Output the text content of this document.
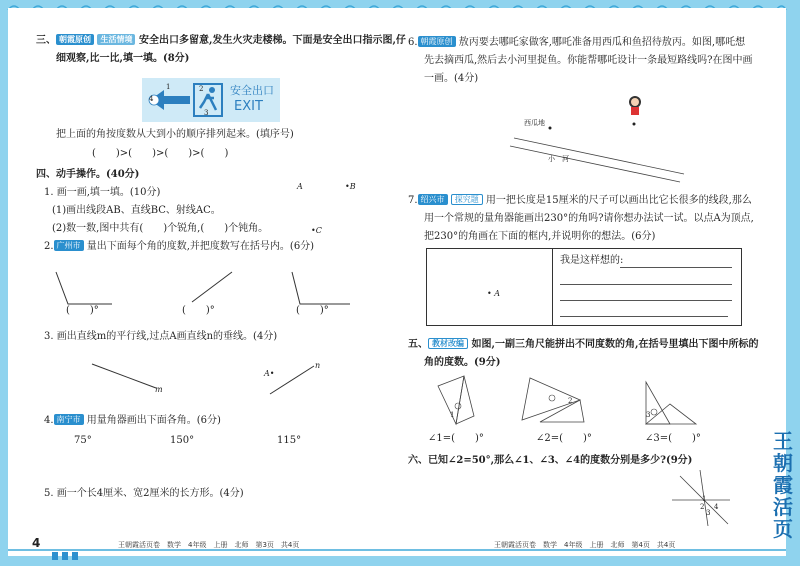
三、 朝霞原创 生活情境 安全出口多留意,发生火灾走楼梯。下面是安全出口指示图,仔
细观察,比一比,填一填。(8分)
4
1	2
3
安全出口
EXIT
把上面的角按度数从大到小的顺序排列起来。(填序号)
(　　)>(　　)>(　　)>(　　)
四、动手操作。(40分)
1. 画一画,填一填。(10分)
(1)画出线段AB、直线BC、射线AC。
(2)数一数,图中共有(　　)个锐角,(　　)个钝角。
A	•B
•C
2. 广州市 量出下面每个角的度数,并把度数写在括号内。(6分)
(　　)°	(　　)°	(　　)°
3. 画出直线m的平行线,过点A画直线n的垂线。(4分)
m
n
A•
4. 南宁市 用量角器画出下面各角。(6分)
75°	150°	115°
5. 画一个长4厘米、宽2厘米的长方形。(4分)
4	王朝霞活页卷　数学　4年级　上册　北师　第3页　共4页
6. 朝霞原创 敖丙要去哪吒家做客,哪吒准备用西瓜和鱼招待敖丙。如图,哪吒想
先去摘西瓜,然后去小河里捉鱼。你能帮哪吒设计一条最短路线吗?在图中画
一画。(4分)
西瓜地
小　河
7. 绍兴市 探究题 用一把长度是15厘米的尺子可以画出比它长很多的线段,那么
用一个常规的量角器能画出230°的角吗?请你想办法试一试。以点A为顶点,
把230°的角画在下面的框内,并说明你的想法。(6分)
• A
我是这样想的:
五、 教材改编 如图,一副三角尺能拼出不同度数的角,在括号里填出下图中所标的
角的度数。(9分)
1
2
3
∠1=(　　)°	∠2=(　　)°	∠3=(　　)°
六、已知∠2=50°,那么∠1、∠3、∠4的度数分别是多少?(9分)
1
2
3
4
王朝霞活页卷　数学　4年级　上册　北师　第4页　共4页
王朝霞活页
